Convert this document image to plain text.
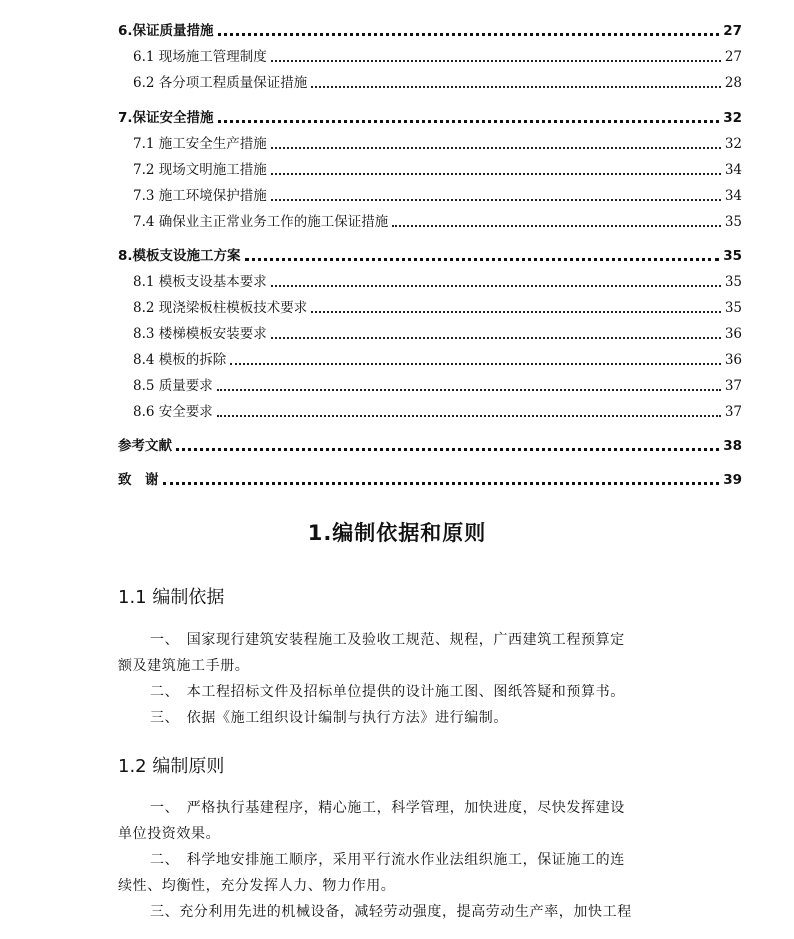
6.保证质量措施	27
6.1 现场施工管理制度	27
6.2 各分项工程质量保证措施	28
7.保证安全措施	32
7.1 施工安全生产措施	32
7.2 现场文明施工措施	34
7.3 施工环境保护措施	34
7.4 确保业主正常业务工作的施工保证措施	35
8.模板支设施工方案	35
8.1 模板支设基本要求	35
8.2 现浇梁板柱模板技术要求	35
8.3 楼梯模板安装要求	36
8.4 模板的拆除	36
8.5 质量要求	37
8.6 安全要求	37
参考文献	38
致　谢	39
1.编制依据和原则
1.1 编制依据
一、　国家现行建筑安装程施工及验收工规范、规程，广西建筑工程预算定
额及建筑施工手册。
二、　本工程招标文件及招标单位提供的设计施工图、图纸答疑和预算书。
三、　依据《施工组织设计编制与执行方法》进行编制。
1.2 编制原则
一、　严格执行基建程序，精心施工，科学管理，加快进度，尽快发挥建设
单位投资效果。
二、　科学地安排施工顺序，采用平行流水作业法组织施工，保证施工的连
续性、均衡性，充分发挥人力、物力作用。
三、充分利用先进的机械设备，减轻劳动强度，提高劳动生产率，加快工程
